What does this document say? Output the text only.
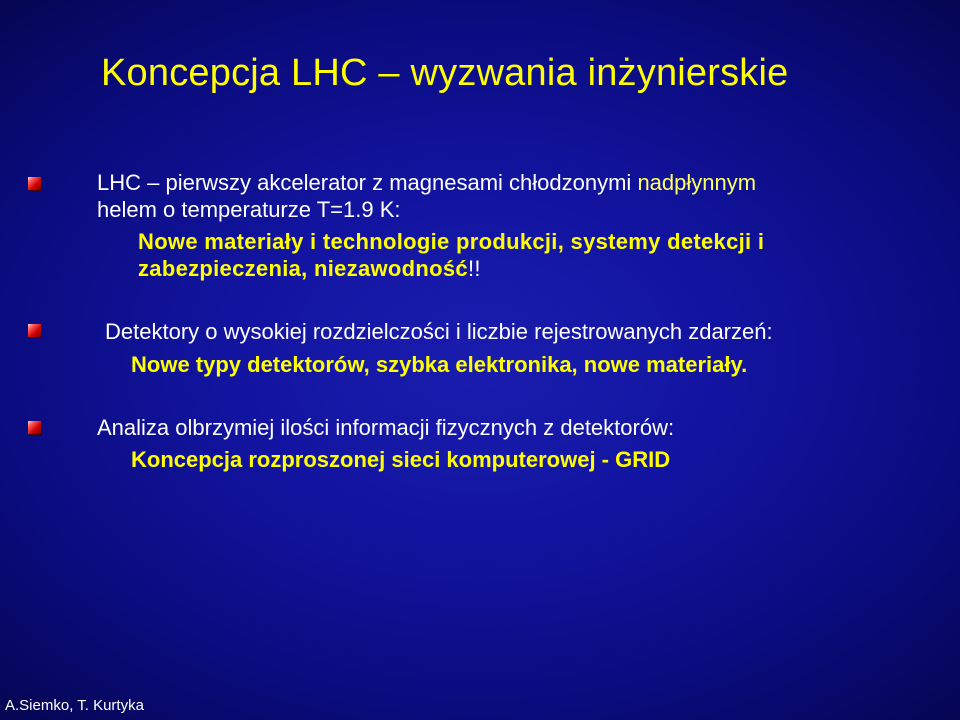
Koncepcja LHC – wyzwania inżynierskie
LHC – pierwszy akcelerator z magnesami chłodzonymi nadpłynnym
helem o temperaturze T=1.9 K:
Nowe materiały i technologie produkcji, systemy detekcji i
zabezpieczenia, niezawodność!!
Detektory o wysokiej rozdzielczości i liczbie rejestrowanych zdarzeń:
Nowe typy detektorów, szybka elektronika, nowe materiały.
Analiza olbrzymiej ilości informacji fizycznych z detektorów:
Koncepcja rozproszonej sieci komputerowej - GRID
A.Siemko, T. Kurtyka
